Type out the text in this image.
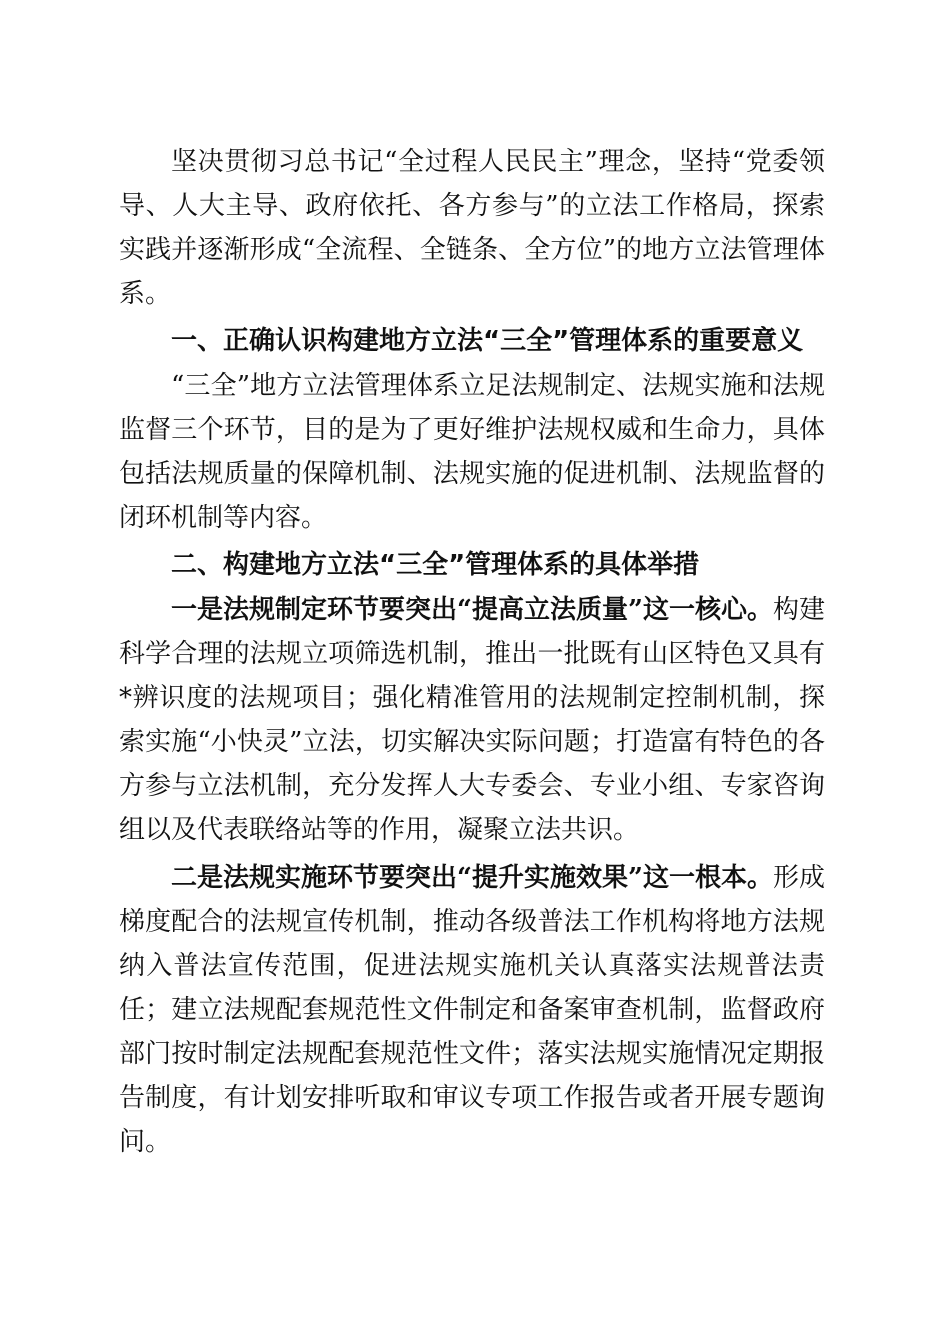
坚决贯彻习总书记“全过程人民民主”理念，坚持“党委领导、人大主导、政府依托、各方参与”的立法工作格局，探索实践并逐渐形成“全流程、全链条、全方位”的地方立法管理体系。

一、正确认识构建地方立法“三全”管理体系的重要意义

“三全”地方立法管理体系立足法规制定、法规实施和法规监督三个环节，目的是为了更好维护法规权威和生命力，具体包括法规质量的保障机制、法规实施的促进机制、法规监督的闭环机制等内容。

二、构建地方立法“三全”管理体系的具体举措

一是法规制定环节要突出“提高立法质量”这一核心。构建科学合理的法规立项筛选机制，推出一批既有山区特色又具有*辨识度的法规项目；强化精准管用的法规制定控制机制，探索实施“小快灵”立法，切实解决实际问题；打造富有特色的各方参与立法机制，充分发挥人大专委会、专业小组、专家咨询组以及代表联络站等的作用，凝聚立法共识。

二是法规实施环节要突出“提升实施效果”这一根本。形成梯度配合的法规宣传机制，推动各级普法工作机构将地方法规纳入普法宣传范围，促进法规实施机关认真落实法规普法责任；建立法规配套规范性文件制定和备案审查机制，监督政府部门按时制定法规配套规范性文件；落实法规实施情况定期报告制度，有计划安排听取和审议专项工作报告或者开展专题询问。
